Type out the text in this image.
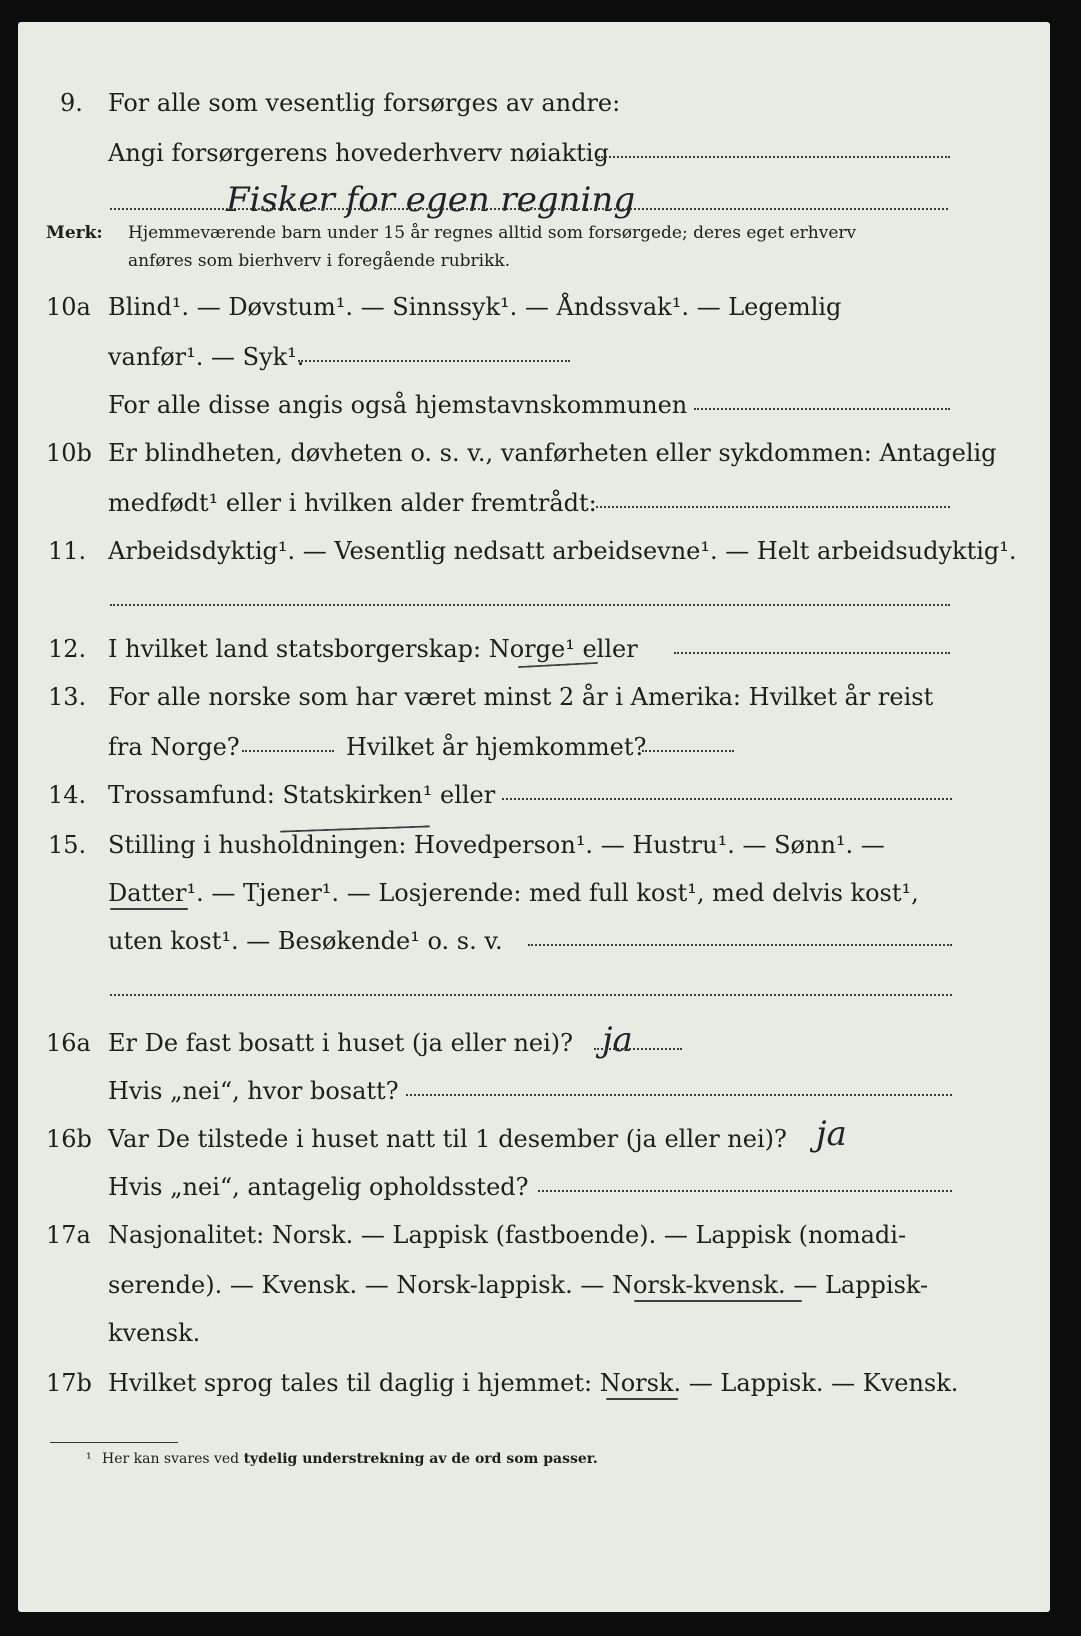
9. For alle som vesentlig forsørges av andre:
Angi forsørgerens hovederhverv nøiaktig
Fisker for egen regning
Merk: Hjemmeværende barn under 15 år regnes alltid som forsørgede; deres eget erhverv
anføres som bierhverv i foregående rubrikk.
10a Blind¹. — Døvstum¹. — Sinnssyk¹. — Åndssvak¹. — Legemlig
vanfør¹. — Syk¹.
For alle disse angis også hjemstavnskommunen
10b Er blindheten, døvheten o. s. v., vanførheten eller sykdommen: Antagelig
medfødt¹ eller i hvilken alder fremtrådt:
11. Arbeidsdyktig¹. — Vesentlig nedsatt arbeidsevne¹. — Helt arbeidsudyktig¹.
12. I hvilket land statsborgerskap: Norge¹ eller
13. For alle norske som har været minst 2 år i Amerika: Hvilket år reist
fra Norge?	Hvilket år hjemkommet?
14. Trossamfund: Statskirken¹ eller
15. Stilling i husholdningen: Hovedperson¹. — Hustru¹. — Sønn¹. —
Datter¹. — Tjener¹. — Losjerende: med full kost¹, med delvis kost¹,
uten kost¹. — Besøkende¹ o. s. v.
16a Er De fast bosatt i huset (ja eller nei)? ja
Hvis „nei“, hvor bosatt?
16b Var De tilstede i huset natt til 1 desember (ja eller nei)? ja
Hvis „nei“, antagelig opholdssted?
17a Nasjonalitet: Norsk. — Lappisk (fastboende). — Lappisk (nomadi-
serende). — Kvensk. — Norsk-lappisk. — Norsk-kvensk. — Lappisk-
kvensk.
17b Hvilket sprog tales til daglig i hjemmet: Norsk. — Lappisk. — Kvensk.
¹ Her kan svares ved tydelig understrekning av de ord som passer.
